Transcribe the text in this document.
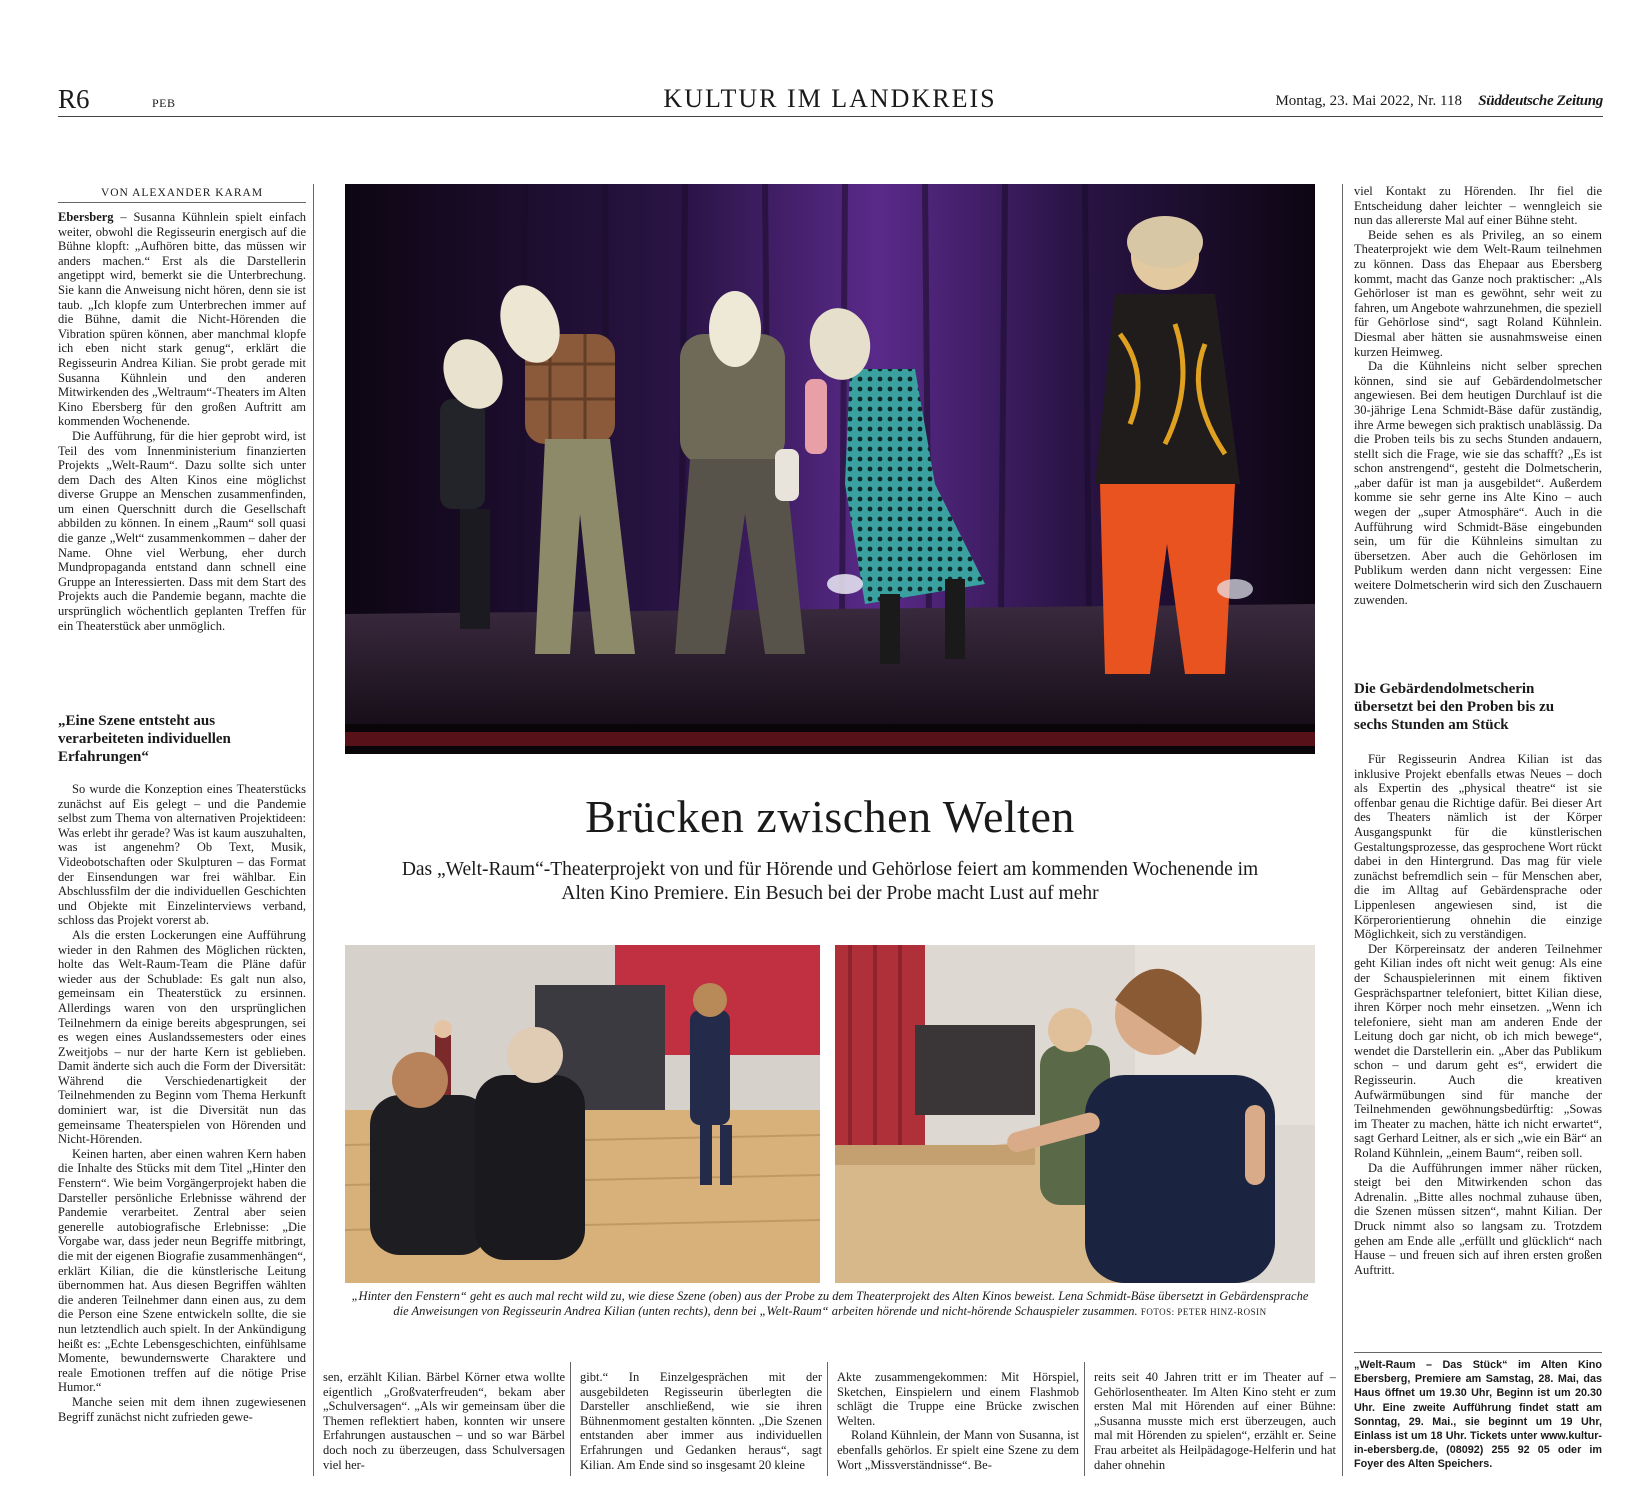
R6	PEB	KULTUR IM LANDKREIS	Montag, 23. Mai 2022, Nr. 118	Süddeutsche Zeitung
VON ALEXANDER KARAM

Ebersberg – Susanna Kühnlein spielt einfach weiter, obwohl die Regisseurin energisch auf die Bühne klopft: „Aufhören bitte, das müssen wir anders machen.“ Erst als die Darstellerin angetippt wird, bemerkt sie die Unterbrechung. Sie kann die Anweisung nicht hören, denn sie ist taub. „Ich klopfe zum Unterbrechen immer auf die Bühne, damit die Nicht-Hörenden die Vibration spüren können, aber manchmal klopfe ich eben nicht stark genug“, erklärt die Regisseurin Andrea Kilian. Sie probt gerade mit Susanna Kühnlein und den anderen Mitwirkenden des „Weltraum“-Theaters im Alten Kino Ebersberg für den großen Auftritt am kommenden Wochenende.

Die Aufführung, für die hier geprobt wird, ist Teil des vom Innenministerium finanzierten Projekts „Welt-Raum“. Dazu sollte sich unter dem Dach des Alten Kinos eine möglichst diverse Gruppe an Menschen zusammenfinden, um einen Querschnitt durch die Gesellschaft abbilden zu können. In einem „Raum“ soll quasi die ganze „Welt“ zusammenkommen – daher der Name. Ohne viel Werbung, eher durch Mundpropaganda entstand dann schnell eine Gruppe an Interessierten. Dass mit dem Start des Projekts auch die Pandemie begann, machte die ursprünglich wöchentlich geplanten Treffen für ein Theaterstück aber unmöglich.

„Eine Szene entsteht aus verarbeiteten individuellen Erfahrungen“

So wurde die Konzeption eines Theaterstücks zunächst auf Eis gelegt – und die Pandemie selbst zum Thema von alternativen Projektideen: Was erlebt ihr gerade? Was ist kaum auszuhalten, was ist angenehm? Ob Text, Musik, Videobotschaften oder Skulpturen – das Format der Einsendungen war frei wählbar. Ein Abschlussfilm der die individuellen Geschichten und Objekte mit Einzelinterviews verband, schloss das Projekt vorerst ab.

Als die ersten Lockerungen eine Aufführung wieder in den Rahmen des Möglichen rückten, holte das Welt-Raum-Team die Pläne dafür wieder aus der Schublade: Es galt nun also, gemeinsam ein Theaterstück zu ersinnen. Allerdings waren von den ursprünglichen Teilnehmern da einige bereits abgesprungen, sei es wegen eines Auslandssemesters oder eines Zweitjobs – nur der harte Kern ist geblieben. Damit änderte sich auch die Form der Diversität: Während die Verschiedenartigkeit der Teilnehmenden zu Beginn vom Thema Herkunft dominiert war, ist die Diversität nun das gemeinsame Theaterspielen von Hörenden und Nicht-Hörenden.

Keinen harten, aber einen wahren Kern haben die Inhalte des Stücks mit dem Titel „Hinter den Fenstern“. Wie beim Vorgängerprojekt haben die Darsteller persönliche Erlebnisse während der Pandemie verarbeitet. Zentral aber seien generelle autobiografische Erlebnisse: „Die Vorgabe war, dass jeder neun Begriffe mitbringt, die mit der eigenen Biografie zusammenhängen“, erklärt Kilian, die die künstlerische Leitung übernommen hat. Aus diesen Begriffen wählten die anderen Teilnehmer dann einen aus, zu dem die Person eine Szene entwickeln sollte, die sie nun letztendlich auch spielt. In der Ankündigung heißt es: „Echte Lebensgeschichten, einfühlsame Momente, bewundernswerte Charaktere und reale Emotionen treffen auf die nötige Prise Humor.“

Manche seien mit dem ihnen zugewiesenen Begriff zunächst nicht zufrieden gewe-

Brücken zwischen Welten
Das „Welt-Raum“-Theaterprojekt von und für Hörende und Gehörlose feiert am kommenden Wochenende im Alten Kino Premiere. Ein Besuch bei der Probe macht Lust auf mehr
„Hinter den Fenstern“ geht es auch mal recht wild zu, wie diese Szene (oben) aus der Probe zu dem Theaterprojekt des Alten Kinos beweist. Lena Schmidt-Bäse übersetzt in Gebärdensprache die Anweisungen von Regisseurin Andrea Kilian (unten rechts), denn bei „Welt-Raum“ arbeiten hörende und nicht-hörende Schauspieler zusammen. FOTOS: PETER HINZ-ROSIN

sen, erzählt Kilian. Bärbel Körner etwa wollte eigentlich „Großvaterfreuden“, bekam aber „Schulversagen“. „Als wir gemeinsam über die Themen reflektiert haben, konnten wir unsere Erfahrungen austauschen – und so war Bärbel doch noch zu überzeugen, dass Schulversagen viel her-

gibt.“ In Einzelgesprächen mit der ausgebildeten Regisseurin überlegten die Darsteller anschließend, wie sie ihren Bühnenmoment gestalten könnten. „Die Szenen entstanden aber immer aus individuellen Erfahrungen und Gedanken heraus“, sagt Kilian. Am Ende sind so insgesamt 20 kleine

Akte zusammengekommen: Mit Hörspiel, Sketchen, Einspielern und einem Flashmob schlägt die Truppe eine Brücke zwischen Welten.

Roland Kühnlein, der Mann von Susanna, ist ebenfalls gehörlos. Er spielt eine Szene zu dem Wort „Missverständnisse“. Be-

reits seit 40 Jahren tritt er im Theater auf – Gehörlosentheater. Im Alten Kino steht er zum ersten Mal mit Hörenden auf einer Bühne: „Susanna musste mich erst überzeugen, auch mal mit Hörenden zu spielen“, erzählt er. Seine Frau arbeitet als Heilpädagoge-Helferin und hat daher ohnehin

viel Kontakt zu Hörenden. Ihr fiel die Entscheidung daher leichter – wenngleich sie nun das allererste Mal auf einer Bühne steht.

Beide sehen es als Privileg, an so einem Theaterprojekt wie dem Welt-Raum teilnehmen zu können. Dass das Ehepaar aus Ebersberg kommt, macht das Ganze noch praktischer: „Als Gehörloser ist man es gewöhnt, sehr weit zu fahren, um Angebote wahrzunehmen, die speziell für Gehörlose sind“, sagt Roland Kühnlein. Diesmal aber hätten sie ausnahmsweise einen kurzen Heimweg.

Da die Kühnleins nicht selber sprechen können, sind sie auf Gebärdendolmetscher angewiesen. Bei dem heutigen Durchlauf ist die 30-jährige Lena Schmidt-Bäse dafür zuständig, ihre Arme bewegen sich praktisch unablässig. Da die Proben teils bis zu sechs Stunden andauern, stellt sich die Frage, wie sie das schafft? „Es ist schon anstrengend“, gesteht die Dolmetscherin, „aber dafür ist man ja ausgebildet“. Außerdem komme sie sehr gerne ins Alte Kino – auch wegen der „super Atmosphäre“. Auch in die Aufführung wird Schmidt-Bäse eingebunden sein, um für die Kühnleins simultan zu übersetzen. Aber auch die Gehörlosen im Publikum werden dann nicht vergessen: Eine weitere Dolmetscherin wird sich den Zuschauern zuwenden.

Die Gebärdendolmetscherin übersetzt bei den Proben bis zu sechs Stunden am Stück

Für Regisseurin Andrea Kilian ist das inklusive Projekt ebenfalls etwas Neues – doch als Expertin des „physical theatre“ ist sie offenbar genau die Richtige dafür. Bei dieser Art des Theaters nämlich ist der Körper Ausgangspunkt für die künstlerischen Gestaltungsprozesse, das gesprochene Wort rückt dabei in den Hintergrund. Das mag für viele zunächst befremdlich sein – für Menschen aber, die im Alltag auf Gebärdensprache oder Lippenlesen angewiesen sind, ist die Körperorientierung ohnehin die einzige Möglichkeit, sich zu verständigen.

Der Körpereinsatz der anderen Teilnehmer geht Kilian indes oft nicht weit genug: Als eine der Schauspielerinnen mit einem fiktiven Gesprächspartner telefoniert, bittet Kilian diese, ihren Körper noch mehr einsetzen. „Wenn ich telefoniere, sieht man am anderen Ende der Leitung doch gar nicht, ob ich mich bewege“, wendet die Darstellerin ein. „Aber das Publikum schon – und darum geht es“, erwidert die Regisseurin. Auch die kreativen Aufwärmübungen sind für manche der Teilnehmenden gewöhnungsbedürftig: „Sowas im Theater zu machen, hätte ich nicht erwartet“, sagt Gerhard Leitner, als er sich „wie ein Bär“ an Roland Kühnlein, „einem Baum“, reiben soll.

Da die Aufführungen immer näher rücken, steigt bei den Mitwirkenden schon das Adrenalin. „Bitte alles nochmal zuhause üben, die Szenen müssen sitzen“, mahnt Kilian. Der Druck nimmt also so langsam zu. Trotzdem gehen am Ende alle „erfüllt und glücklich“ nach Hause – und freuen sich auf ihren ersten großen Auftritt.

„Welt-Raum – Das Stück“ im Alten Kino Ebersberg, Premiere am Samstag, 28. Mai, das Haus öffnet um 19.30 Uhr, Beginn ist um 20.30 Uhr. Eine zweite Aufführung findet statt am Sonntag, 29. Mai., sie beginnt um 19 Uhr, Einlass ist um 18 Uhr. Tickets unter www.kultur-in-ebersberg.de, (08092) 255 92 05 oder im Foyer des Alten Speichers.
